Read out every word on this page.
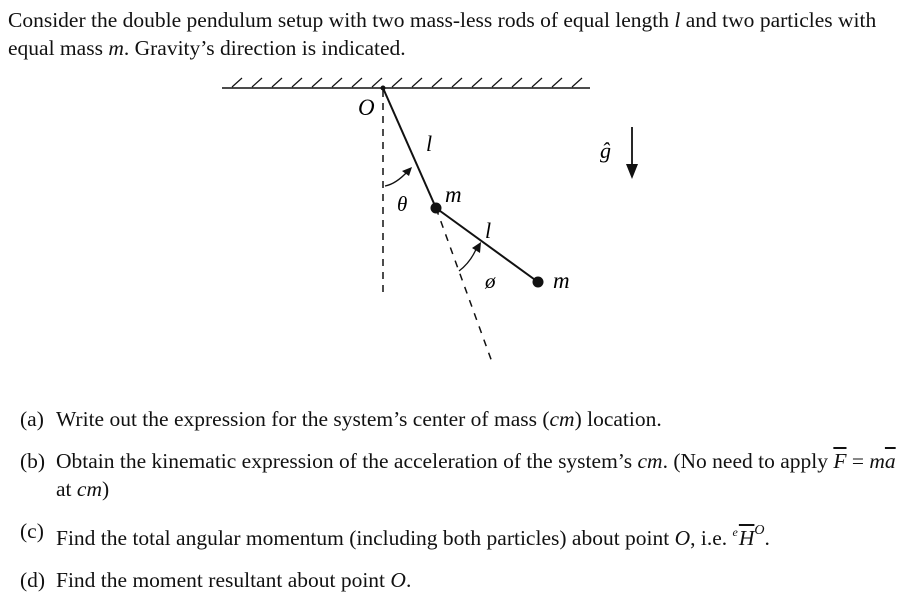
Consider the double pendulum setup with two mass-less rods of equal length l and two particles with equal mass m. Gravity’s direction is indicated.
O
l
θ m
l
ø	m
ĝ
(a) Write out the expression for the system’s center of mass (cm) location.
(b) Obtain the kinematic expression of the acceleration of the system’s cm. (No need to apply $\overline{F} = m\overline{a}$ at cm)
(c) Find the total angular momentum (including both particles) about point O, i.e. $^e\overline{H}^O$.
(d) Find the moment resultant about point O.
